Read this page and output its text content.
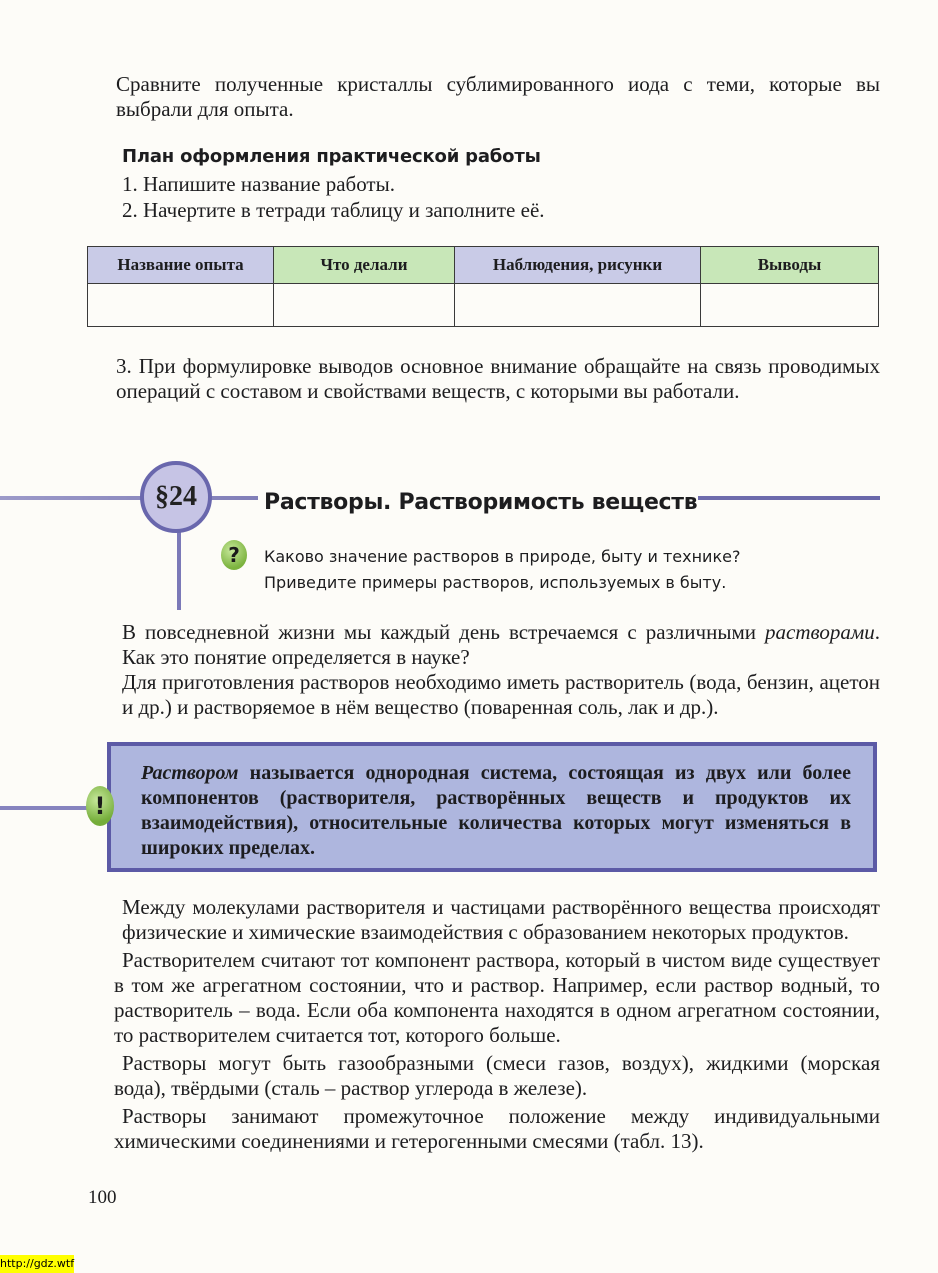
Сравните полученные кристаллы сублимированного иода с теми, которые вы выбрали для опыта.
План оформления практической работы
1. Напишите название работы.
2. Начертите в тетради таблицу и заполните её.
Название опыта	Что делали	Наблюдения, рисунки	Выводы

3. При формулировке выводов основное внимание обращайте на связь проводимых операций с составом и свойствами веществ, с которыми вы работали.
§24	Растворы. Растворимость веществ
?	Каково значение растворов в природе, быту и технике?
Приведите примеры растворов, используемых в быту.
В повседневной жизни мы каждый день встречаемся с различными растворами. Как это понятие определяется в науке?
Для приготовления растворов необходимо иметь растворитель (вода, бензин, ацетон и др.) и растворяемое в нём вещество (поваренная соль, лак и др.).
Раствором называется однородная система, состоящая из двух или более компонентов (растворителя, растворённых веществ и продуктов их взаимодействия), относительные количества которых могут изменяться в широких пределах.
!

Между молекулами растворителя и частицами растворённого вещества происходят физические и химические взаимодействия с образованием некоторых продуктов.

Растворителем считают тот компонент раствора, который в чистом виде существует в том же агрегатном состоянии, что и раствор. Например, если раствор водный, то растворитель – вода. Если оба компонента находятся в одном агрегатном состоянии, то растворителем считается тот, которого больше.

Растворы могут быть газообразными (смеси газов, воздух), жидкими (морская вода), твёрдыми (сталь – раствор углерода в железе).

Растворы занимают промежуточное положение между индивидуальными химическими соединениями и гетерогенными смесями (табл. 13).

100
http://gdz.wtf
